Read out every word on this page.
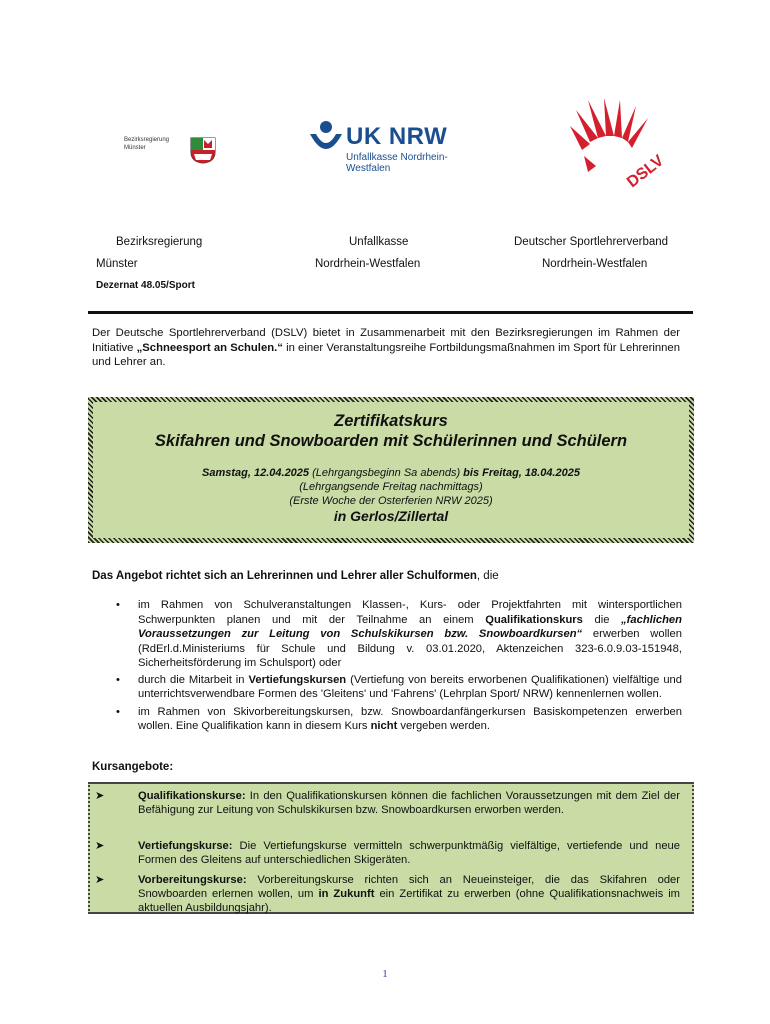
Bezirksregierung
Münster	UK NRW
Unfallkasse Nordrhein-Westfalen	DSLV
Bezirksregierung
Münster
Dezernat 48.05/Sport
Unfallkasse
Nordrhein-Westfalen
Deutscher Sportlehrerverband
Nordrhein-Westfalen
Der Deutsche Sportlehrerverband (DSLV) bietet in Zusammenarbeit mit den Bezirksregierungen im Rahmen der Initiative „Schneesport an Schulen.“ in einer Veranstaltungsreihe Fortbildungsmaßnahmen im Sport für Lehrerinnen und Lehrer an.
Zertifikatskurs
Skifahren und Snowboarden mit Schülerinnen und Schülern
Samstag, 12.04.2025 (Lehrgangsbeginn Sa abends) bis Freitag, 18.04.2025
(Lehrgangsende Freitag nachmittags)
(Erste Woche der Osterferien NRW 2025)
in Gerlos/Zillertal
Das Angebot richtet sich an Lehrerinnen und Lehrer aller Schulformen, die
• im Rahmen von Schulveranstaltungen Klassen-, Kurs- oder Projektfahrten mit wintersportlichen Schwerpunkten planen und mit der Teilnahme an einem Qualifikationskurs die „fachlichen Voraussetzungen zur Leitung von Schulskikursen bzw. Snowboardkursen“ erwerben wollen (RdErl.d.Ministeriums für Schule und Bildung v. 03.01.2020, Aktenzeichen 323-6.0.9.03-151948, Sicherheitsförderung im Schulsport) oder
• durch die Mitarbeit in Vertiefungskursen (Vertiefung von bereits erworbenen Qualifikationen) vielfältige und unterrichtsverwendbare Formen des 'Gleitens' und 'Fahrens' (Lehrplan Sport/ NRW) kennenlernen wollen.
• im Rahmen von Skivorbereitungskursen, bzw. Snowboardanfängerkursen Basiskompetenzen erwerben wollen. Eine Qualifikation kann in diesem Kurs nicht vergeben werden.
Kursangebote:
➤	Qualifikationskurse: In den Qualifikationskursen können die fachlichen Voraussetzungen mit dem Ziel der Befähigung zur Leitung von Schulskikursen bzw. Snowboardkursen erworben werden.
➤	Vertiefungskurse: Die Vertiefungskurse vermitteln schwerpunktmäßig vielfältige, vertiefende und neue Formen des Gleitens auf unterschiedlichen Skigeräten.
➤	Vorbereitungskurse: Vorbereitungskurse richten sich an Neueinsteiger, die das Skifahren oder Snowboarden erlernen wollen, um in Zukunft ein Zertifikat zu erwerben (ohne Qualifikationsnachweis im aktuellen Ausbildungsjahr).
1
